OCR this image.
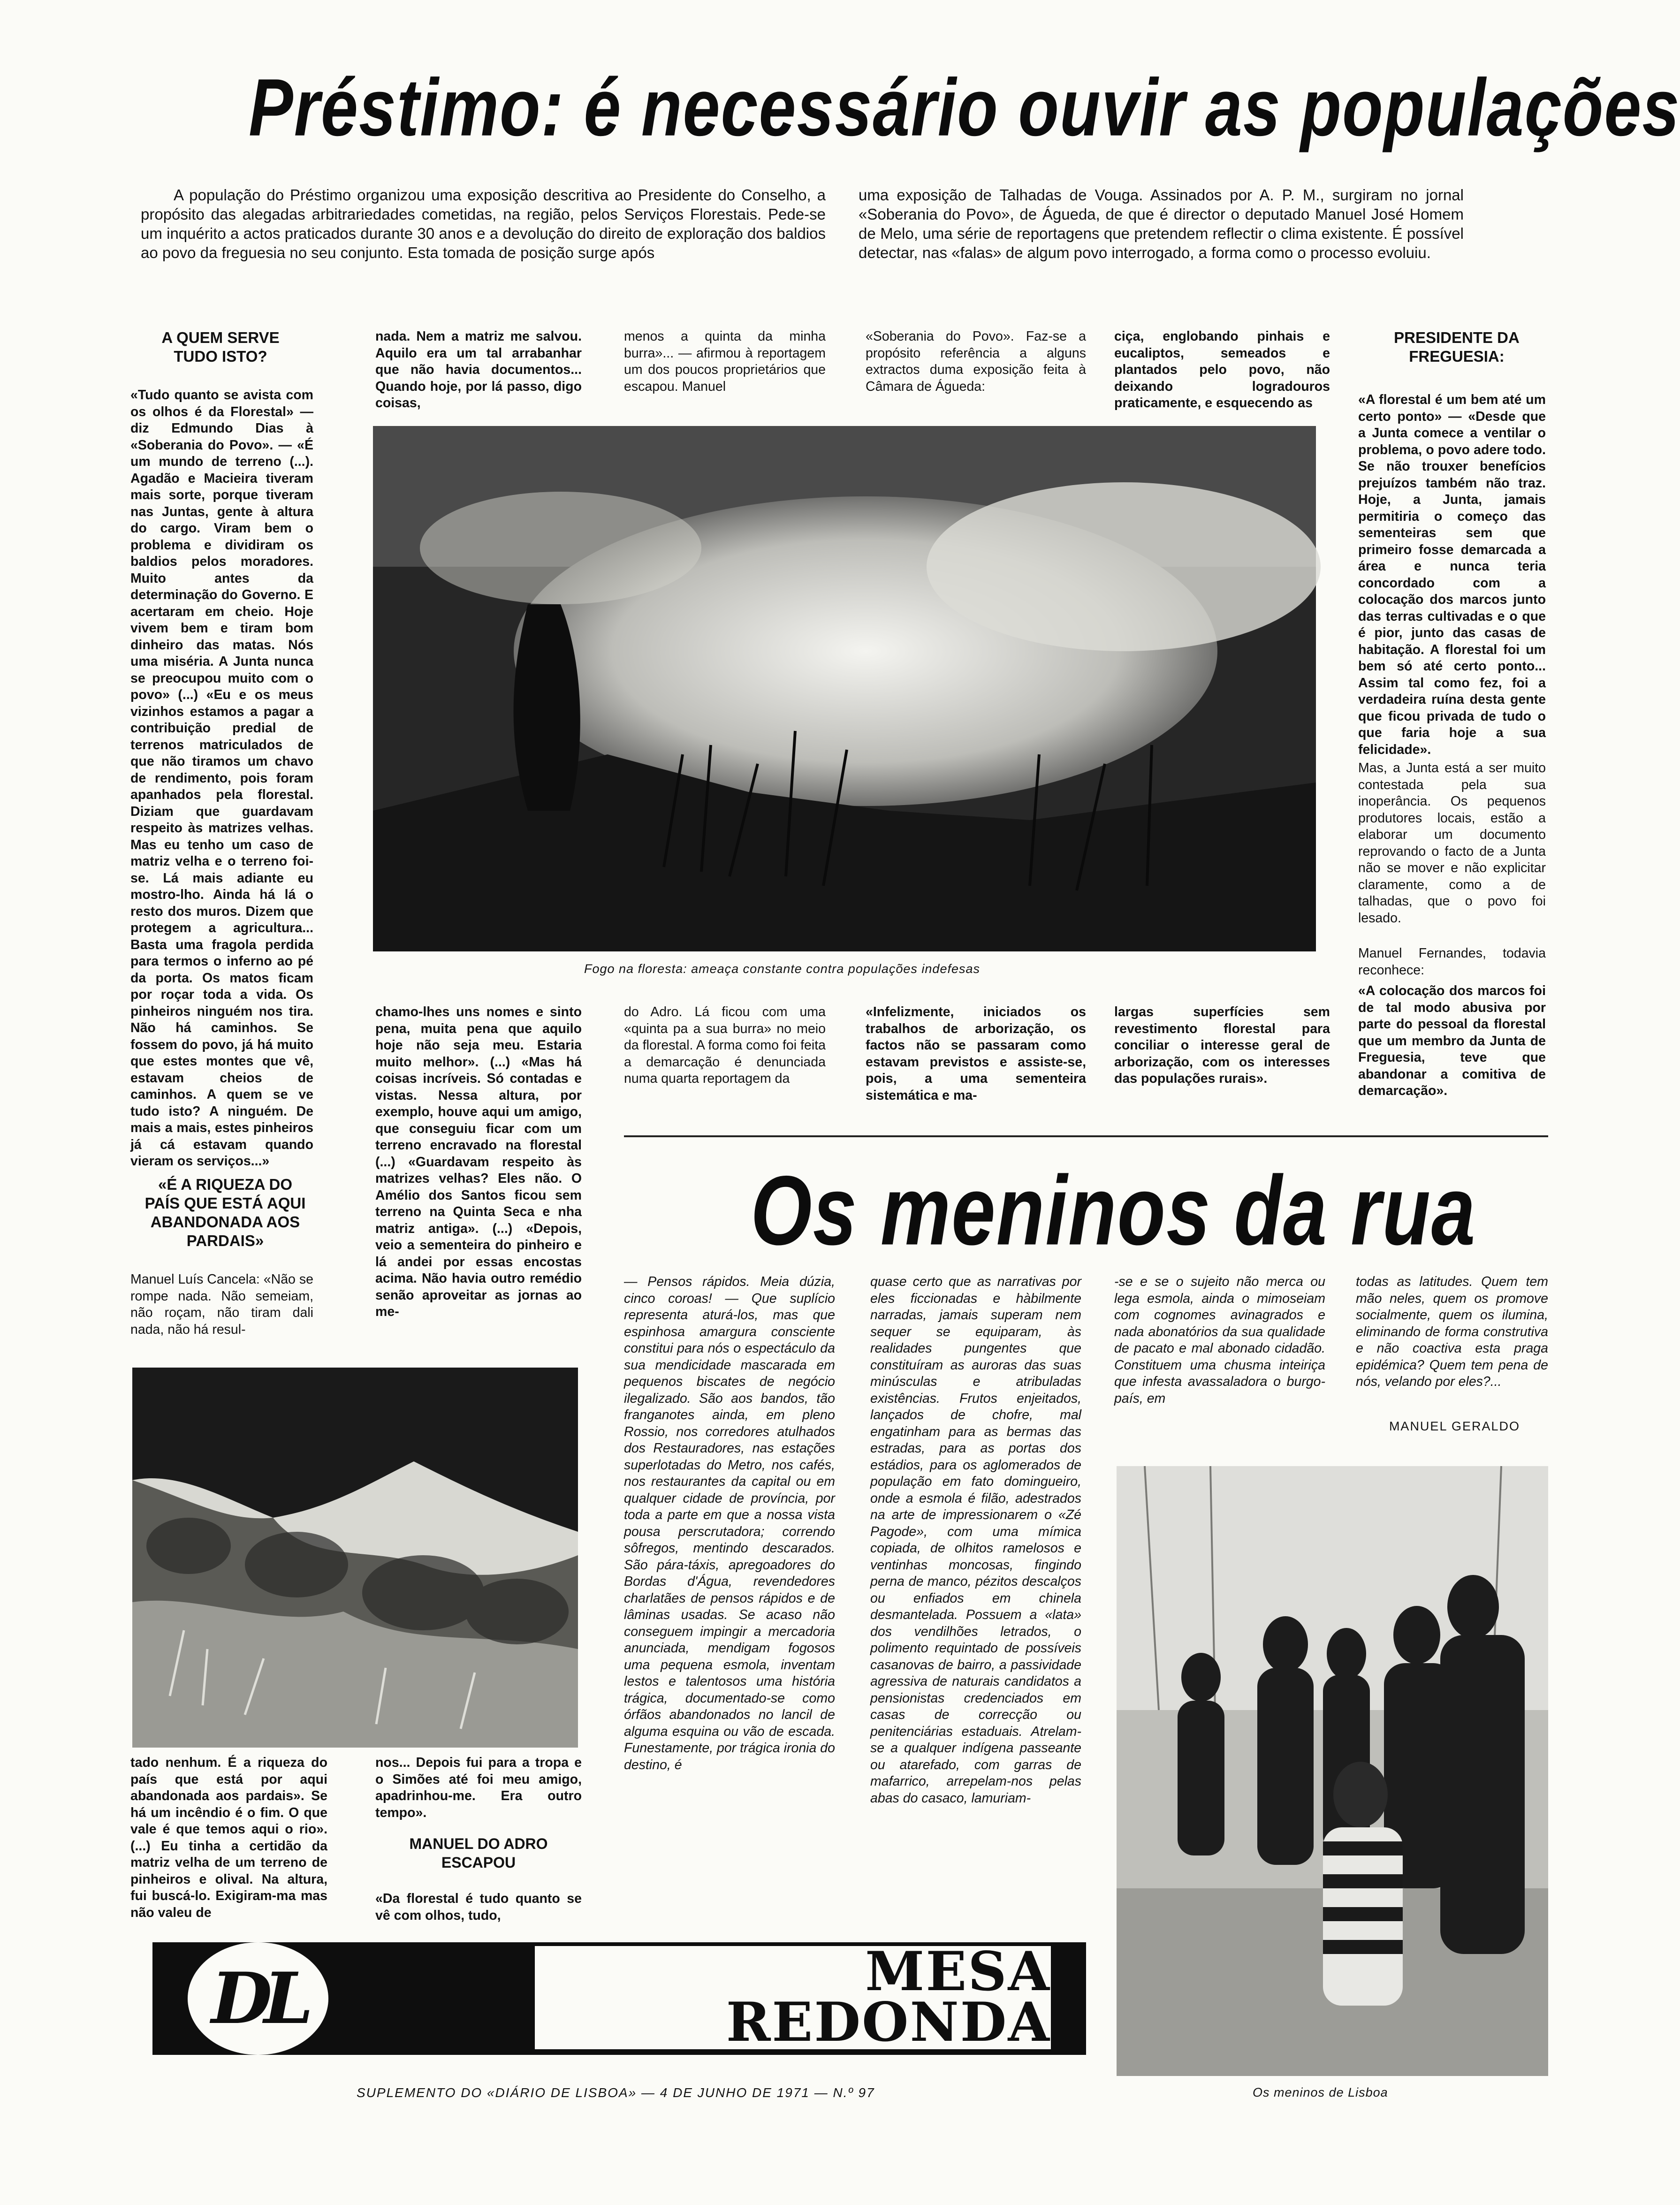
Préstimo: é necessário ouvir as populações
A população do Préstimo organizou uma exposição descritiva ao Presidente do Conselho, a propósito das alegadas arbitrariedades cometidas, na região, pelos Serviços Florestais. Pede-se um inquérito a actos praticados durante 30 anos e a devolução do direito de exploração dos baldios ao povo da freguesia no seu conjunto. Esta tomada de posição surge após
uma exposição de Talhadas de Vouga. Assinados por A. P. M., surgiram no jornal «Soberania do Povo», de Águeda, de que é director o deputado Manuel José Homem de Melo, uma série de reportagens que pretendem reflectir o clima existente. É possível detectar, nas «falas» de algum povo interrogado, a forma como o processo evoluiu.
A QUEM SERVE TUDO ISTO?
«Tudo quanto se avista com os olhos é da Florestal» — diz Edmundo Dias à «Soberania do Povo». — «É um mundo de terreno (...). Agadão e Macieira tiveram mais sorte, porque tiveram nas Juntas, gente à altura do cargo. Viram bem o problema e dividiram os baldios pelos moradores. Muito antes da determinação do Governo. E acertaram em cheio. Hoje vivem bem e tiram bom dinheiro das matas. Nós uma miséria. A Junta nunca se preocupou muito com o povo» (...) «Eu e os meus vizinhos estamos a pagar a contribuição predial de terrenos matriculados de que não tiramos um chavo de rendimento, pois foram apanhados pela florestal. Diziam que guardavam respeito às matrizes velhas. Mas eu tenho um caso de matriz velha e o terreno foi-se. Lá mais adiante eu mostro-lho. Ainda há lá o resto dos muros. Dizem que protegem a agricultura... Basta uma fragola perdida para termos o inferno ao pé da porta. Os matos ficam por roçar toda a vida. Os pinheiros ninguém nos tira. Não há caminhos. Se fossem do povo, já há muito que estes montes que vê, estavam cheios de caminhos. A quem se ve tudo isto? A ninguém. De mais a mais, estes pinheiros já cá estavam quando vieram os serviços...»
«É A RIQUEZA DO PAÍS QUE ESTÁ AQUI ABANDONADA AOS PARDAIS»
Manuel Luís Cancela: «Não se rompe nada. Não semeiam, não roçam, não tiram dali nada, não há resul-
Fogo na floresta: ameaça constante contra populações indefesas
nada. Nem a matriz me salvou. Aquilo era um tal arrabanhar que não havia documentos... Quando hoje, por lá passo, digo coisas,
chamo-lhes uns nomes e sinto pena, muita pena que aquilo hoje não seja meu. Estaria muito melhor». (...) «Mas há coisas incríveis. Só contadas e vistas. Nessa altura, por exemplo, houve aqui um amigo, que conseguiu ficar com um terreno encravado na florestal (...) «Guardavam respeito às matrizes velhas? Eles não. O Amélio dos Santos ficou sem terreno na Quinta Seca e nha matriz antiga». (...) «Depois, veio a sementeira do pinheiro e lá andei por essas encostas acima. Não havia outro remédio senão aproveitar as jornas ao me-
menos a quinta da minha burra»... — afirmou à reportagem um dos poucos proprietários que escapou. Manuel
do Adro. Lá ficou com uma «quinta pa a sua burra» no meio da florestal. A forma como foi feita a demarcação é denunciada numa quarta reportagem da
«Soberania do Povo». Faz-se a propósito referência a alguns extractos duma exposição feita à Câmara de Águeda:
«Infelizmente, iniciados os trabalhos de arborização, os factos não se passaram como estavam previstos e assiste-se, pois, a uma sementeira sistemática e ma-
ciça, englobando pinhais e eucaliptos, semeados e plantados pelo povo, não deixando logradouros praticamente, e esquecendo as
largas superfícies sem revestimento florestal para conciliar o interesse geral de arborização, com os interesses das populações rurais».
PRESIDENTE DA FREGUESIA:
«A florestal é um bem até um certo ponto» — «Desde que a Junta comece a ventilar o problema, o povo adere todo. Se não trouxer benefícios prejuízos também não traz. Hoje, a Junta, jamais permitiria o começo das sementeiras sem que primeiro fosse demarcada a área e nunca teria concordado com a colocação dos marcos junto das terras cultivadas e o que é pior, junto das casas de habitação. A florestal foi um bem só até certo ponto... Assim tal como fez, foi a verdadeira ruína desta gente que ficou privada de tudo o que faria hoje a sua felicidade».
Mas, a Junta está a ser muito contestada pela sua inoperância. Os pequenos produtores locais, estão a elaborar um documento reprovando o facto de a Junta não se mover e não explicitar claramente, como a de talhadas, que o povo foi lesado.
Manuel Fernandes, todavia reconhece:
«A colocação dos marcos foi de tal modo abusiva por parte do pessoal da florestal que um membro da Junta de Freguesia, teve que abandonar a comitiva de demarcação».
tado nenhum. É a riqueza do país que está por aqui abandonada aos pardais». Se há um incêndio é o fim. O que vale é que temos aqui o rio». (...) Eu tinha a certidão da matriz velha de um terreno de pinheiros e olival. Na altura, fui buscá-lo. Exigiram-ma mas não valeu de
nos... Depois fui para a tropa e o Simões até foi meu amigo, apadrinhou-me. Era outro tempo».
MANUEL DO ADRO ESCAPOU
«Da florestal é tudo quanto se vê com olhos, tudo,
Os meninos da rua
— Pensos rápidos. Meia dúzia, cinco coroas! — Que suplício representa aturá-los, mas que espinhosa amargura consciente constitui para nós o espectáculo da sua mendicidade mascarada em pequenos biscates de negócio ilegalizado. São aos bandos, tão franganotes ainda, em pleno Rossio, nos corredores atulhados dos Restauradores, nas estações superlotadas do Metro, nos cafés, nos restaurantes da capital ou em qualquer cidade de província, por toda a parte em que a nossa vista pousa perscrutadora; correndo sôfregos, mentindo descarados. São pára-táxis, apregoadores do Bordas d'Água, revendedores charlatães de pensos rápidos e de lâminas usadas. Se acaso não conseguem impingir a mercadoria anunciada, mendigam fogosos uma pequena esmola, inventam lestos e talentosos uma história trágica, documentado-se como órfãos abandonados no lancil de alguma esquina ou vão de escada. Funestamente, por trágica ironia do destino, é
quase certo que as narrativas por eles ficcionadas e hàbilmente narradas, jamais superam nem sequer se equiparam, às realidades pungentes que constituíram as auroras das suas minúsculas e atribuladas existências. Frutos enjeitados, lançados de chofre, mal engatinham para as bermas das estradas, para as portas dos estádios, para os aglomerados de população em fato domingueiro, onde a esmola é filão, adestrados na arte de impressionarem o «Zé Pagode», com uma mímica copiada, de olhitos ramelosos e ventinhas moncosas, fingindo perna de manco, pézitos descalços ou enfiados em chinela desmantelada. Possuem a «lata» dos vendilhões letrados, o polimento requintado de possíveis casanovas de bairro, a passividade agressiva de naturais candidatos a pensionistas credenciados em casas de correcção ou penitenciárias estaduais. Atrelam-se a qualquer indígena passeante ou atarefado, com garras de mafarrico, arrepelam-nos pelas abas do casaco, lamuriam-
-se e se o sujeito não merca ou lega esmola, ainda o mimoseiam com cognomes avinagrados e nada abonatórios da sua qualidade de pacato e mal abonado cidadão. Constituem uma chusma inteiriça que infesta avassaladora o burgo-país, em
todas as latitudes. Quem tem mão neles, quem os promove socialmente, quem os ilumina, eliminando de forma construtiva e não coactiva esta praga epidémica? Quem tem pena de nós, velando por eles?...
MANUEL GERALDO
Os meninos de Lisboa
DL	MESA
REDONDA
SUPLEMENTO DO «DIÁRIO DE LISBOA» — 4 DE JUNHO DE 1971 — N.º 97
